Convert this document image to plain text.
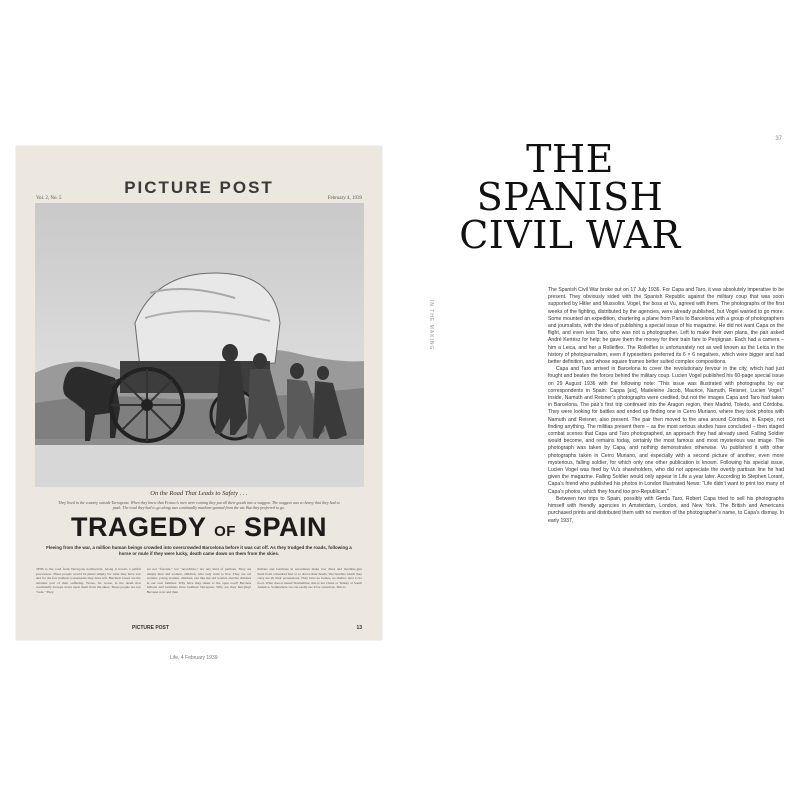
37
IN THE MAKING
PICTURE POST
Vol. 2, No. 5	February 4, 1939
On the Road That Leads to Safety . . .
They lived in the country outside Tarragona. When they knew that Franco's men were coming they put all their goods into a waggon. The waggon was so heavy that they had to push. The road they had to go along was continually machine-gunned from the air. But they preferred to go.
TRAGEDY OF SPAIN
Fleeing from the war, a million human beings crowded into overcrowded Barcelona before it was cut off. As they trudged the roads, following a horse or mule if they were lucky, death came down on them from the skies.
THIS is the road from Tarragona northwards. Along it travels a pitiful procession. These people would be pitied simply for what they have lost and for the few pathetic possessions they have left. But their losses are the smallest part of their suffering. Worse, far worse, is the death that continually swoops down upon them from the skies. These people are not "reds." They
are not "fascists," nor "anarchists," nor any kind of partisan. They are simply men and women, children, who only want to live. They are old women, young women, children, run like the old women and the children in our own families. Why have they taken to the open road? Because Italians and Germans have bombed Tarragona. Why are they hurrying? Because now and then
Italians and Germans in aeroplanes make low dives and machine-gun them from a hundred feet or so above their heads. The bundles which they carry are all their possessions. They have no homes, no shelter, next to no food. What does it mean? Remember, this is not China or Turkey or South America. Somewhere we can easily see it for ourselves. This is
PICTURE POST	13
Life, 4 February 1939
THE
SPANISH
CIVIL WAR

The Spanish Civil War broke out on 17 July 1936. For Capa and Taro, it was absolutely imperative to be present. They obviously sided with the Spanish Republic against the military coup that was soon supported by Hitler and Mussolini. Vogel, the boss at Vu, agreed with them. The photographs of the first weeks of the fighting, distributed by the agencies, were already published, but Vogel wanted to go more. Some mounted an expedition, chartering a plane from Paris to Barcelona with a group of photographers and journalists, with the idea of publishing a special issue of his magazine. He did not want Capa on the flight, and even less Taro, who was not a photographer. Left to make their own plans, the pair asked André Kertész for help; he gave them the money for their train fare to Perpignan. Each had a camera – him a Leica, and her a Rolleiflex. The Rolleiflex is unfortunately not as well known as the Leica in the history of photojournalism, even if typesetters preferred its 6 × 6 negatives, which were bigger and had better definition, and whose square frames better suited complex compositions.

Capa and Taro arrived in Barcelona to cover the revolutionary fervour in the city, which had just fought and beaten the forces behind the military coup. Lucien Vogel published his 60-page special issue on 29 August 1936 with the following note: “This issue was illustrated with photographs by our correspondents in Spain: Cappa [sic], Madeleine Jacob, Maurice, Namuth, Reisner, Lucien Vogel.” Inside, Namuth and Reisner’s photographs were credited, but not the images Capa and Taro had taken in Barcelona. The pair’s first trip continued into the Aragon region, then Madrid, Toledo, and Córdoba. They were looking for battles and ended up finding one in Cerro Muriano, where they took photos with Namuth and Reisner, also present. The pair then moved to the area around Córdoba, in Espejo, not finding anything. The militias present there – as the most serious studies have concluded – then staged combat scenes that Capa and Taro photographed, an approach they had already used. Falling Soldier would become, and remains today, certainly the most famous and most mysterious war image. The photograph was taken by Capa, and nothing demonstrates otherwise. Vu published it with other photographs taken in Cerro Muriano, and especially with a second picture of another, even more mysterious, falling soldier, for which only one other publication is known. Following his special issue, Lucien Vogel was fired by Vu’s shareholders, who did not appreciate the overtly partisan line he had given the magazine. Falling Soldier would only appear in Life a year later. According to Stephen Lorant, Capa’s friend who published his photos in London Illustrated News: “Life didn’t want to print too many of Capa’s photos, which they found too pro-Republican.”

Between two trips to Spain, possibly with Gerda Taro, Robert Capa tried to sell his photographs himself with friendly agencies in Amsterdam, London, and New York. The British and Americans purchased prints and distributed them with no mention of the photographer’s name, to Capa’s dismay. In early 1937,
